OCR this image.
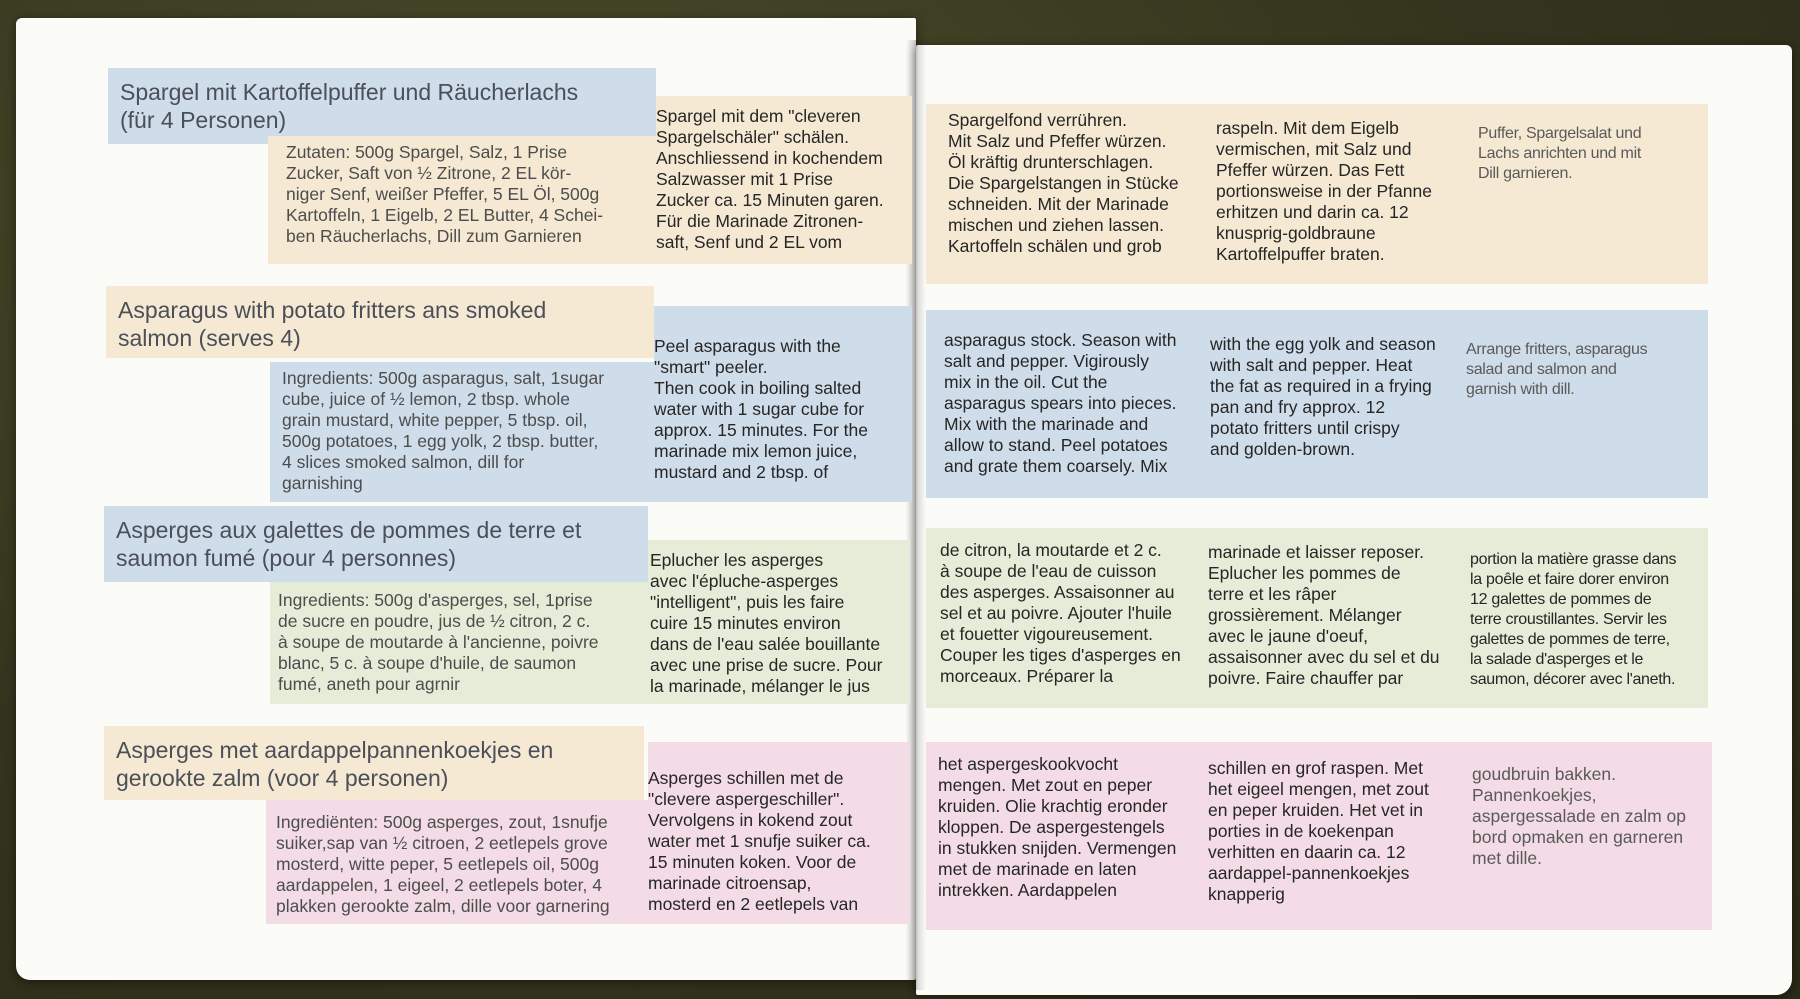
Spargel mit Kartoffelpuffer und Räucherlachs
(für 4 Personen)
Zutaten: 500g Spargel, Salz, 1 Prise
Zucker, Saft von ½ Zitrone, 2 EL kör-
niger Senf, weißer Pfeffer, 5 EL Öl, 500g
Kartoffeln, 1 Eigelb, 2 EL Butter, 4 Schei-
ben Räucherlachs, Dill zum Garnieren
Spargel mit dem "cleveren
Spargelschäler" schälen.
Anschliessend in kochendem
Salzwasser mit 1 Prise
Zucker ca. 15 Minuten garen.
Für die Marinade Zitronen-
saft, Senf und 2 EL vom
Spargelfond verrühren.
Mit Salz und Pfeffer würzen.
Öl kräftig drunterschlagen.
Die Spargelstangen in Stücke
schneiden. Mit der Marinade
mischen und ziehen lassen.
Kartoffeln schälen und grob
raspeln. Mit dem Eigelb
vermischen, mit Salz und
Pfeffer würzen. Das Fett
portionsweise in der Pfanne
erhitzen und darin ca. 12
knusprig-goldbraune
Kartoffelpuffer braten.
Puffer, Spargelsalat und
Lachs anrichten und mit
Dill garnieren.
Asparagus with potato fritters ans smoked
salmon (serves 4)
Ingredients: 500g asparagus, salt, 1sugar
cube, juice of ½ lemon, 2 tbsp. whole
grain mustard, white pepper, 5 tbsp. oil,
500g potatoes, 1 egg yolk, 2 tbsp. butter,
4 slices smoked salmon, dill for
garnishing
Peel asparagus with the
"smart" peeler.
Then cook in boiling salted
water with 1 sugar cube for
approx. 15 minutes. For the
marinade mix lemon juice,
mustard and 2 tbsp. of
asparagus stock. Season with
salt and pepper. Vigirously
mix in the oil. Cut the
asparagus spears into pieces.
Mix with the marinade and
allow to stand. Peel potatoes
and grate them coarsely. Mix
with the egg yolk and season
with salt and pepper. Heat
the fat as required in a frying
pan and fry approx. 12
potato fritters until crispy
and golden-brown.
Arrange fritters, asparagus
salad and salmon and
garnish with dill.
Asperges aux galettes de pommes de terre et
saumon fumé (pour 4 personnes)
Ingredients: 500g d'asperges, sel, 1prise
de sucre en poudre, jus de ½ citron, 2 c.
à soupe de moutarde à l'ancienne, poivre
blanc, 5 c. à soupe d'huile, de saumon
fumé, aneth pour agrnir
Eplucher les asperges
avec l'épluche-asperges
"intelligent", puis les faire
cuire 15 minutes environ
dans de l'eau salée bouillante
avec une prise de sucre. Pour
la marinade, mélanger le jus
de citron, la moutarde et 2 c.
à soupe de l'eau de cuisson
des asperges. Assaisonner au
sel et au poivre. Ajouter l'huile
et fouetter vigoureusement.
Couper les tiges d'asperges en
morceaux. Préparer la
marinade et laisser reposer.
Eplucher les pommes de
terre et les râper
grossièrement. Mélanger
avec le jaune d'oeuf,
assaisonner avec du sel et du
poivre. Faire chauffer par
portion la matière grasse dans
la poêle et faire dorer environ
12 galettes de pommes de
terre croustillantes. Servir les
galettes de pommes de terre,
la salade d'asperges et le
saumon, décorer avec l'aneth.
Asperges met aardappelpannenkoekjes en
gerookte zalm (voor 4 personen)
Ingrediënten: 500g asperges, zout, 1snufje
suiker,sap van ½ citroen, 2 eetlepels grove
mosterd, witte peper, 5 eetlepels oil, 500g
aardappelen, 1 eigeel, 2 eetlepels boter, 4
plakken gerookte zalm, dille voor garnering
Asperges schillen met de
"clevere aspergeschiller".
Vervolgens in kokend zout
water met 1 snufje suiker ca.
15 minuten koken. Voor de
marinade citroensap,
mosterd en 2 eetlepels van
het aspergeskookvocht
mengen. Met zout en peper
kruiden. Olie krachtig eronder
kloppen. De aspergestengels
in stukken snijden. Vermengen
met de marinade en laten
intrekken. Aardappelen
schillen en grof raspen. Met
het eigeel mengen, met zout
en peper kruiden. Het vet in
porties in de koekenpan
verhitten en daarin ca. 12
aardappel-pannenkoekjes
knapperig
goudbruin bakken.
Pannenkoekjes,
aspergessalade en zalm op
bord opmaken en garneren
met dille.
